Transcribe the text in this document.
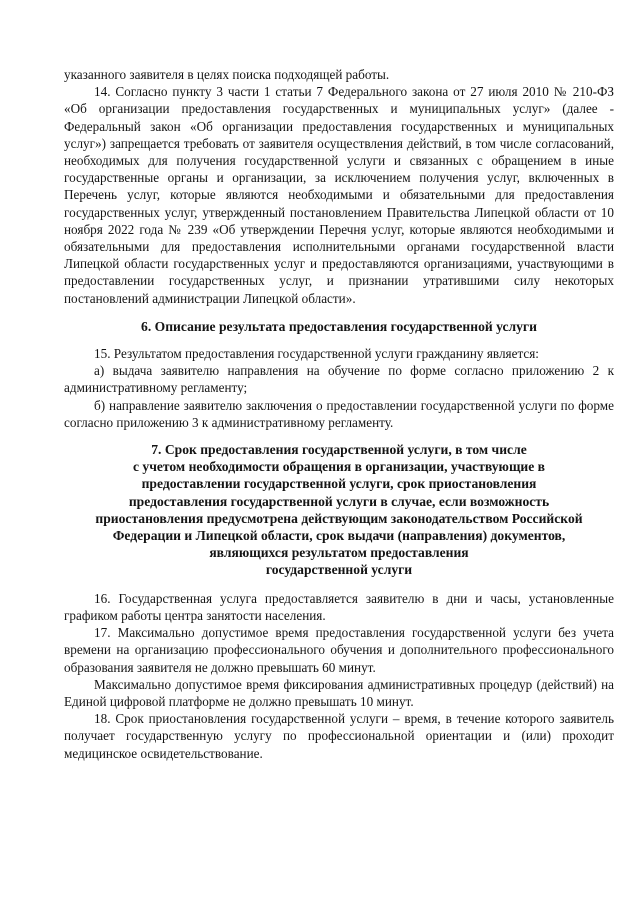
указанного заявителя в целях поиска подходящей работы.

14. Согласно пункту 3 части 1 статьи 7 Федерального закона от 27 июля 2010 № 210-ФЗ «Об организации предоставления государственных и муниципальных услуг» (далее - Федеральный закон «Об организации предоставления государственных и муниципальных услуг») запрещается требовать от заявителя осуществления действий, в том числе согласований, необходимых для получения государственной услуги и связанных с обращением в иные государственные органы и организации, за исключением получения услуг, включенных в Перечень услуг, которые являются необходимыми и обязательными для предоставления государственных услуг, утвержденный постановлением Правительства Липецкой области от 10 ноября 2022 года № 239 «Об утверждении Перечня услуг, которые являются необходимыми и обязательными для предоставления исполнительными органами государственной власти Липецкой области государственных услуг и предоставляются организациями, участвующими в предоставлении государственных услуг, и признании утратившими силу некоторых постановлений администрации Липецкой области».

6. Описание результата предоставления государственной услуги

15. Результатом предоставления государственной услуги гражданину является:

а) выдача заявителю направления на обучение по форме согласно приложению 2 к административному регламенту;

б) направление заявителю заключения о предоставлении государственной услуги по форме согласно приложению 3 к административному регламенту.

7. Срок предоставления государственной услуги, в том числе

с учетом необходимости обращения в организации, участвующие в

предоставлении государственной услуги, срок приостановления

предоставления государственной услуги в случае, если возможность

приостановления предусмотрена действующим законодательством Российской

Федерации и Липецкой области, срок выдачи (направления) документов,

являющихся результатом предоставления

государственной услуги

16. Государственная услуга предоставляется заявителю в дни и часы, установленные графиком работы центра занятости населения.

17. Максимально допустимое время предоставления государственной услуги без учета времени на организацию профессионального обучения и дополнительного профессионального образования заявителя не должно превышать 60 минут.

Максимально допустимое время фиксирования административных процедур (действий) на Единой цифровой платформе не должно превышать 10 минут.

18. Срок приостановления государственной услуги – время, в течение которого заявитель получает государственную услугу по профессиональной ориентации и (или) проходит медицинское освидетельствование.
